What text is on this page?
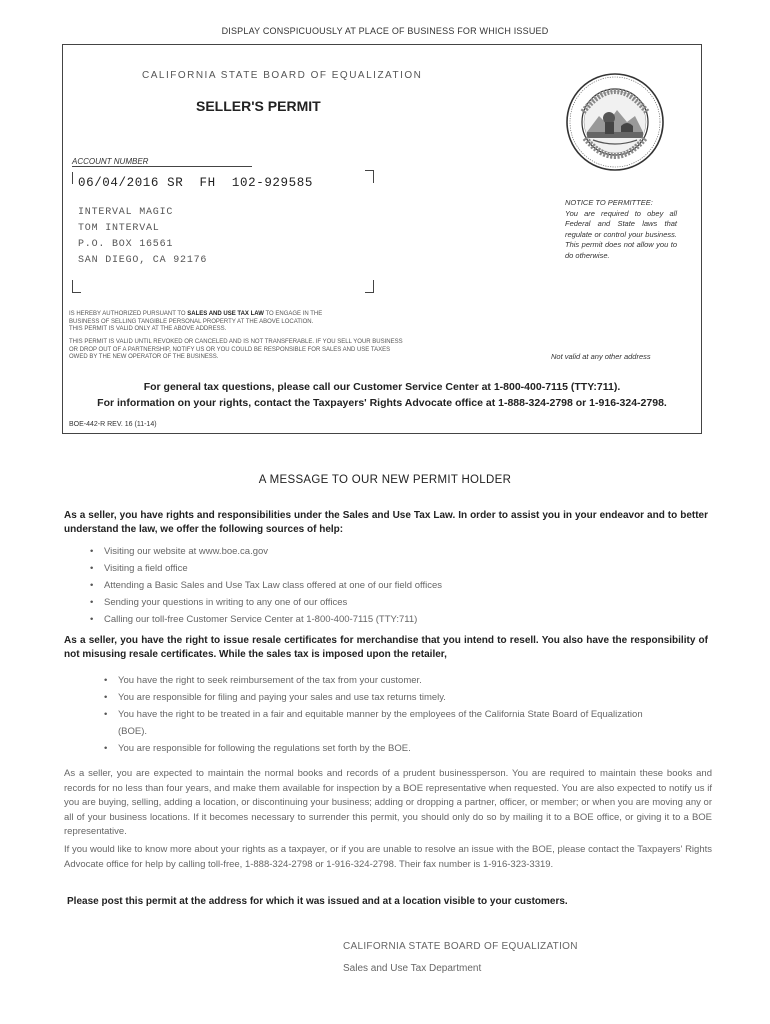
DISPLAY CONSPICUOUSLY AT PLACE OF BUSINESS FOR WHICH ISSUED
CALIFORNIA STATE BOARD OF EQUALIZATION
SELLER'S PERMIT
ACCOUNT NUMBER
06/04/2016 SR  FH  102-929585
INTERVAL MAGIC
TOM INTERVAL
P.O. BOX 16561
SAN DIEGO, CA 92176
NOTICE TO PERMITTEE:
You are required to obey all Federal and State laws that regulate or control your business. This permit does not allow you to do otherwise.
IS HEREBY AUTHORIZED PURSUANT TO SALES AND USE TAX LAW TO ENGAGE IN THE
BUSINESS OF SELLING TANGIBLE PERSONAL PROPERTY AT THE ABOVE LOCATION.
THIS PERMIT IS VALID ONLY AT THE ABOVE ADDRESS.
THIS PERMIT IS VALID UNTIL REVOKED OR CANCELED AND IS NOT TRANSFERABLE. IF YOU SELL YOUR BUSINESS
OR DROP OUT OF A PARTNERSHIP, NOTIFY US OR YOU COULD BE RESPONSIBLE FOR SALES AND USE TAXES
OWED BY THE NEW OPERATOR OF THE BUSINESS.	Not valid at any other address
For general tax questions, please call our Customer Service Center at 1-800-400-7115 (TTY:711).
For information on your rights, contact the Taxpayers' Rights Advocate office at 1-888-324-2798 or 1-916-324-2798.
BOE-442-R REV. 16 (11-14)
A MESSAGE TO OUR NEW PERMIT HOLDER
As a seller, you have rights and responsibilities under the Sales and Use Tax Law. In order to assist you in your endeavor and to better understand the law, we offer the following sources of help:
• Visiting our website at www.boe.ca.gov
• Visiting a field office
• Attending a Basic Sales and Use Tax Law class offered at one of our field offices
• Sending your questions in writing to any one of our offices
• Calling our toll-free Customer Service Center at 1-800-400-7115 (TTY:711)
As a seller, you have the right to issue resale certificates for merchandise that you intend to resell. You also have the responsibility of not misusing resale certificates. While the sales tax is imposed upon the retailer,
• You have the right to seek reimbursement of the tax from your customer.
• You are responsible for filing and paying your sales and use tax returns timely.
• You have the right to be treated in a fair and equitable manner by the employees of the California State Board of Equalization (BOE).
• You are responsible for following the regulations set forth by the BOE.
As a seller, you are expected to maintain the normal books and records of a prudent businessperson. You are required to maintain these books and records for no less than four years, and make them available for inspection by a BOE representative when requested. You are also expected to notify us if you are buying, selling, adding a location, or discontinuing your business; adding or dropping a partner, officer, or member; or when you are moving any or all of your business locations. If it becomes necessary to surrender this permit, you should only do so by mailing it to a BOE office, or giving it to a BOE representative.
If you would like to know more about your rights as a taxpayer, or if you are unable to resolve an issue with the BOE, please contact the Taxpayers' Rights Advocate office for help by calling toll-free, 1-888-324-2798 or 1-916-324-2798. Their fax number is 1-916-323-3319.
Please post this permit at the address for which it was issued and at a location visible to your customers.
CALIFORNIA STATE BOARD OF EQUALIZATION
Sales and Use Tax Department
